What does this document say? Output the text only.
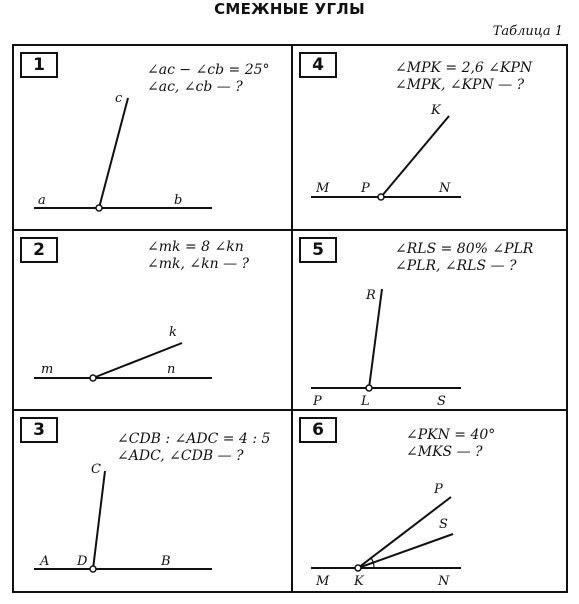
СМЕЖНЫЕ УГЛЫ
Таблица 1
1	∠ac − ∠cb = 25°
∠ac, ∠cb — ?
a	b
c
4	∠MPK = 2,6 ∠KPN
∠MPK, ∠KPN — ?
M P	N
K
2	∠mk = 8 ∠kn
∠mk, ∠kn — ?
m	n
k
5	∠RLS = 80% ∠PLR
∠PLR, ∠RLS — ?
P	L	S
R
3	∠CDB : ∠ADC = 4 : 5
∠ADC, ∠CDB — ?
A D	B
C
6	∠PKN = 40°
∠MKS — ?
M K	N
P
S
